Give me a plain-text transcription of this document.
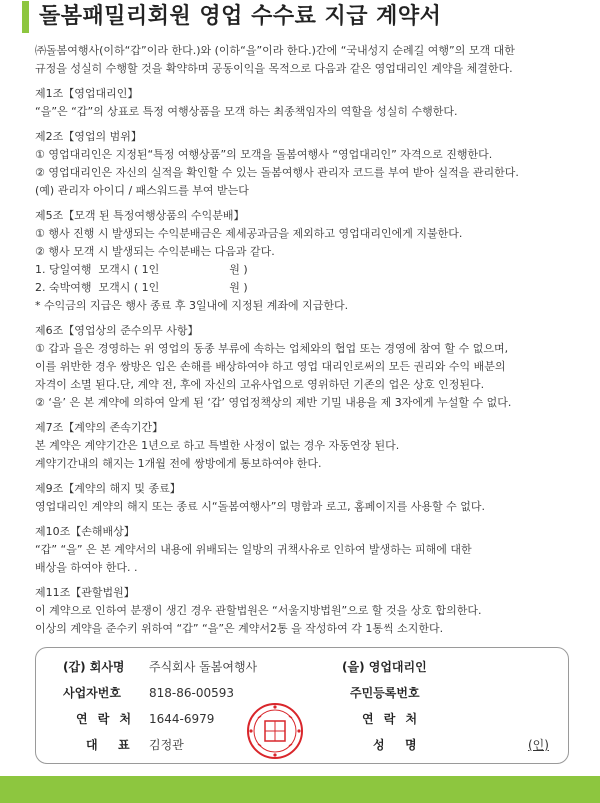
돌봄패밀리회원 영업 수수료 지급 계약서

㈜돌봄여행사(이하“갑”이라 한다.)와 (이하“을”이라 한다.)간에 “국내성지 순례길 여행”의 모객 대한

규정을 성실히 수행할 것을 확약하며 공동이익을 목적으로 다음과 같은 영업대리인 계약을 체결한다.

제1조【영업대리인】

“을”은 “갑”의 상표로 특정 여행상품을 모객 하는 최종책임자의 역할을 성실히 수행한다.

제2조【영업의 범위】

① 영업대리인은 지정된“특정 여행상품”의 모객을 돌봄여행사 “영업대리인” 자격으로 진행한다.

② 영업대리인은 자신의 실적을 확인할 수 있는 돌봄여행사 관리자 코드를 부여 받아 실적을 관리한다.

(예) 관리자 아이디 / 패스워드를 부여 받는다

제5조【모객 된 특정여행상품의 수익분배】

① 행사 진행 시 발생되는 수익분배금은 제세공과금을 제외하고 영업대리인에게 지불한다.

② 행사 모객 시 발생되는 수익분배는 다음과 같다.

1. 당일여행  모객시 ( 1인                    원 )

2. 숙박여행  모객시 ( 1인                    원 )

* 수익금의 지급은 행사 종료 후 3일내에 지정된 계좌에 지급한다.

제6조【영업상의 준수의무 사항】

① 갑과 을은 경영하는 위 영업의 동종 부류에 속하는 업체와의 협업 또는 경영에 참여 할 수 없으며,

이를 위반한 경우 쌍방은 입은 손해를 배상하여야 하고 영업 대리인로써의 모든 권리와 수익 배분의

자격이 소멸 된다.단, 계약 전, 후에 자신의 고유사업으로 영위하던 기존의 업은 상호 인정된다.

② ‘을’ 은 본 계약에 의하여 알게 된 ‘갑’ 영업정책상의 제반 기밀 내용을 제 3자에게 누설할 수 없다.

제7조【계약의 존속기간】

본 계약은 계약기간은 1년으로 하고 특별한 사정이 없는 경우 자동연장 된다.

계약기간내의 해지는 1개월 전에 쌍방에게 통보하여야 한다.

제9조【계약의 해지 및 종료】

영업대리인 계약의 해지 또는 종료 시“돌봄여행사”의 명함과 로고, 홈페이지를 사용할 수 없다.

제10조【손해배상】

“갑” “을” 은 본 계약서의 내용에 위배되는 일방의 귀책사유로 인하여 발생하는 피해에 대한

배상을 하여야 한다. .

제11조【관할법원】

이 계약으로 인하여 분쟁이 생긴 경우 관할법원은 “서울지방법원”으로 할 것을 상호 합의한다.

이상의 계약을 준수키 위하여 “갑” “을”은 계약서2통 을 작성하여 각 1통씩 소지한다.

(갑) 회사명 주식회사 돌봄여행사
사업자번호 818-86-00593
연 락 처 1644-6979
대  표 김정관
(을) 영업대리인
주민등록번호
연 락 처
성  명	(인)
